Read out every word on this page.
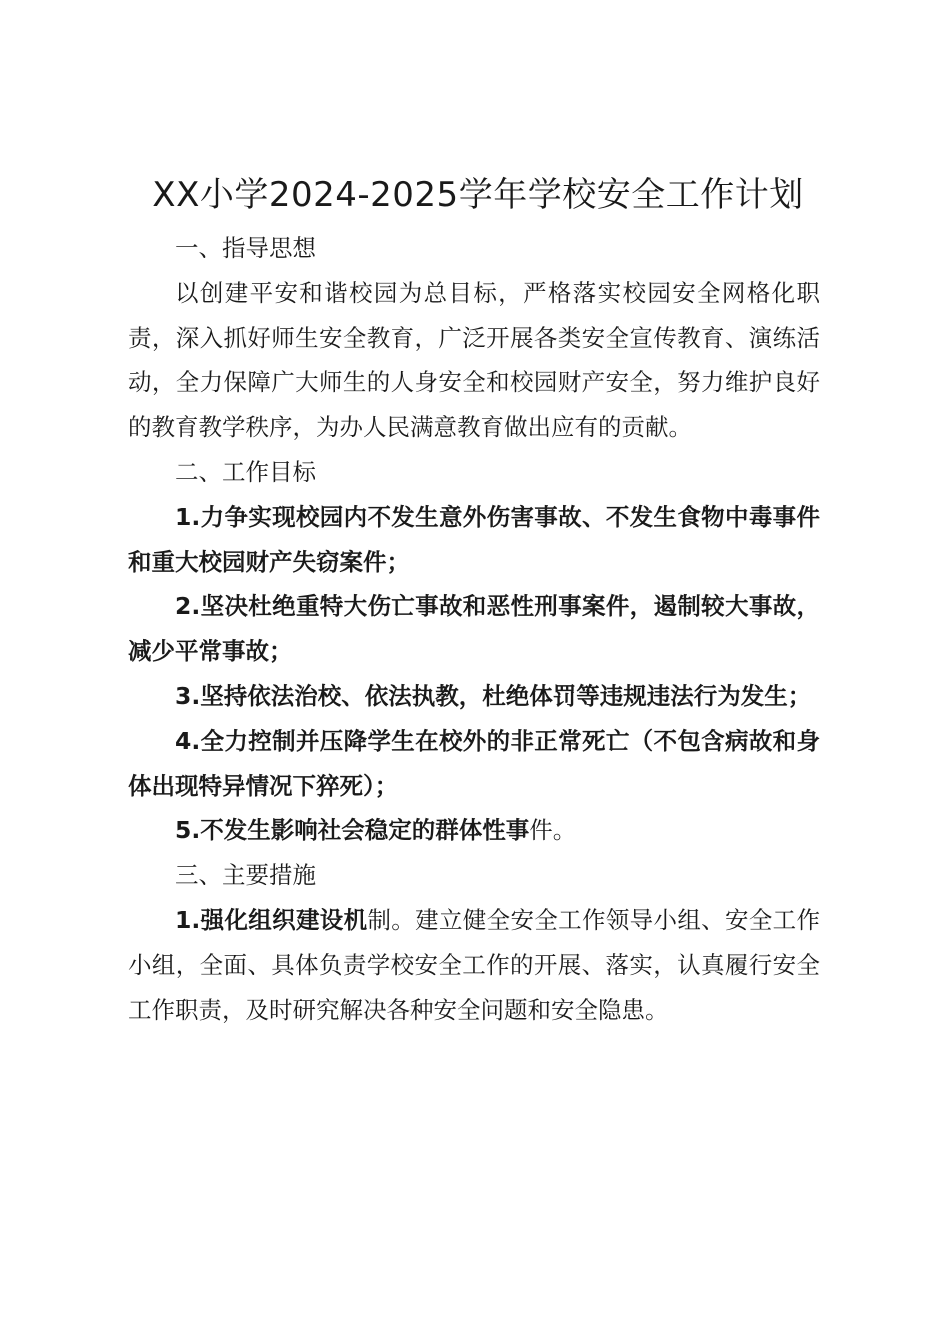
XX小学2024-2025学年学校安全工作计划

一、指导思想

以创建平安和谐校园为总目标，严格落实校园安全网格化职责，深入抓好师生安全教育，广泛开展各类安全宣传教育、演练活动，全力保障广大师生的人身安全和校园财产安全，努力维护良好的教育教学秩序，为办人民满意教育做出应有的贡献。

二、工作目标

1.力争实现校园内不发生意外伤害事故、不发生食物中毒事件和重大校园财产失窃案件；

2.坚决杜绝重特大伤亡事故和恶性刑事案件，遏制较大事故，减少平常事故；

3.坚持依法治校、依法执教，杜绝体罚等违规违法行为发生；

4.全力控制并压降学生在校外的非正常死亡（不包含病故和身体出现特异情况下猝死）；

5.不发生影响社会稳定的群体性事件。

三、主要措施

1.强化组织建设机制。建立健全安全工作领导小组、安全工作小组，全面、具体负责学校安全工作的开展、落实，认真履行安全工作职责，及时研究解决各种安全问题和安全隐患。
